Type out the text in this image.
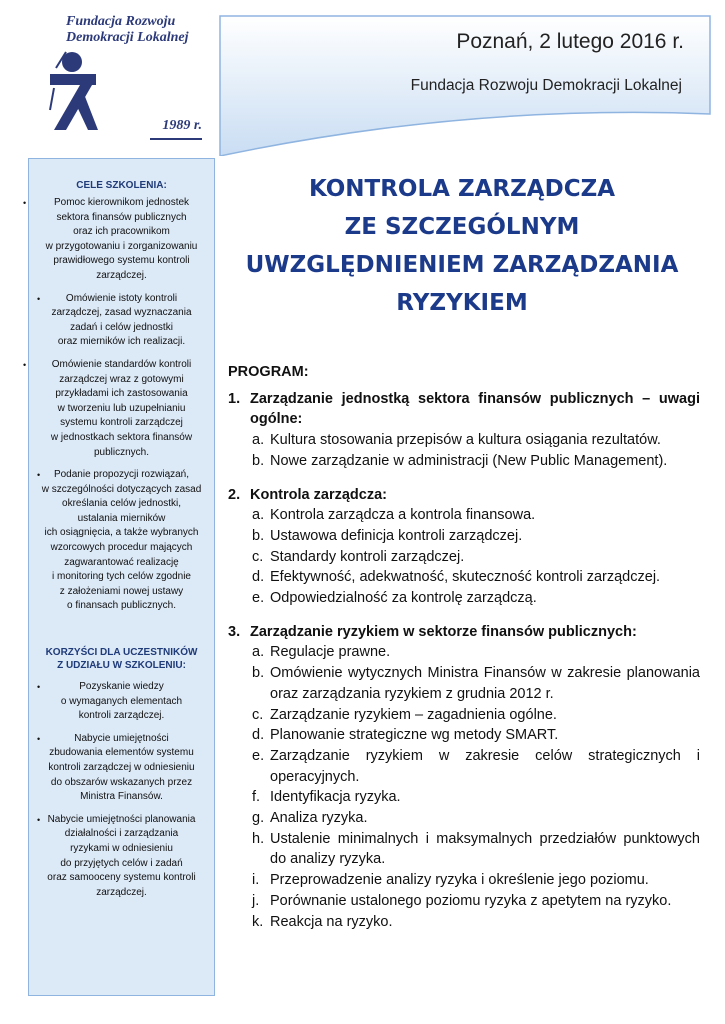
Fundacja Rozwoju
Demokracji Lokalnej
1989 r.
Poznań, 2 lutego 2016 r.
Fundacja Rozwoju Demokracji Lokalnej
CELE SZKOLENIA:
Pomoc kierownikom jednostek
•
sektora finansów publicznych
oraz ich pracownikom
w przygotowaniu i zorganizowaniu
prawidłowego systemu kontroli
zarządczej.
Omówienie istoty kontroli
•
zarządczej, zasad wyznaczania
zadań i celów jednostki
oraz mierników ich realizacji.
Omówienie standardów kontroli
•
zarządczej wraz z gotowymi
przykładami ich zastosowania
w tworzeniu lub uzupełnianiu
systemu kontroli zarządczej
w jednostkach sektora finansów
publicznych.
Podanie propozycji rozwiązań,
•
w szczególności dotyczących zasad
określania celów jednostki,
ustalania mierników
ich osiągnięcia, a także wybranych
wzorcowych procedur mających
zagwarantować realizację
i monitoring tych celów zgodnie
z założeniami nowej ustawy
o finansach publicznych.
KORZYŚCI DLA UCZESTNIKÓW
Z UDZIAŁU W SZKOLENIU:
Pozyskanie wiedzy
•
o wymaganych elementach
kontroli zarządczej.
Nabycie umiejętności
•
zbudowania elementów systemu
kontroli zarządczej w odniesieniu
do obszarów wskazanych przez
Ministra Finansów.
Nabycie umiejętności planowania
•
działalności i zarządzania
ryzykami w odniesieniu
do przyjętych celów i zadań
oraz samooceny systemu kontroli
zarządczej.
KONTROLA ZARZĄDCZA
ZE SZCZEGÓLNYM
UWZGLĘDNIENIEM ZARZĄDZANIA
RYZYKIEM
PROGRAM:
1. Zarządzanie jednostką sektora finansów publicznych – uwagi ogólne:
a. Kultura stosowania przepisów a kultura osiągania rezultatów.
b. Nowe zarządzanie w administracji (New Public Management).
2. Kontrola zarządcza:
a. Kontrola zarządcza a kontrola finansowa.
b. Ustawowa definicja kontroli zarządczej.
c. Standardy kontroli zarządczej.
d. Efektywność, adekwatność, skuteczność kontroli zarządczej.
e. Odpowiedzialność za kontrolę zarządczą.
3. Zarządzanie ryzykiem w sektorze finansów publicznych:
a. Regulacje prawne.
b. Omówienie wytycznych Ministra Finansów w zakresie planowania oraz zarządzania ryzykiem z grudnia 2012 r.
c. Zarządzanie ryzykiem – zagadnienia ogólne.
d. Planowanie strategiczne wg metody SMART.
e. Zarządzanie ryzykiem w zakresie celów strategicznych i operacyjnych.
f. Identyfikacja ryzyka.
g. Analiza ryzyka.
h. Ustalenie minimalnych i maksymalnych przedziałów punktowych do analizy ryzyka.
i. Przeprowadzenie analizy ryzyka i określenie jego poziomu.
j. Porównanie ustalonego poziomu ryzyka z apetytem na ryzyko.
k. Reakcja na ryzyko.
